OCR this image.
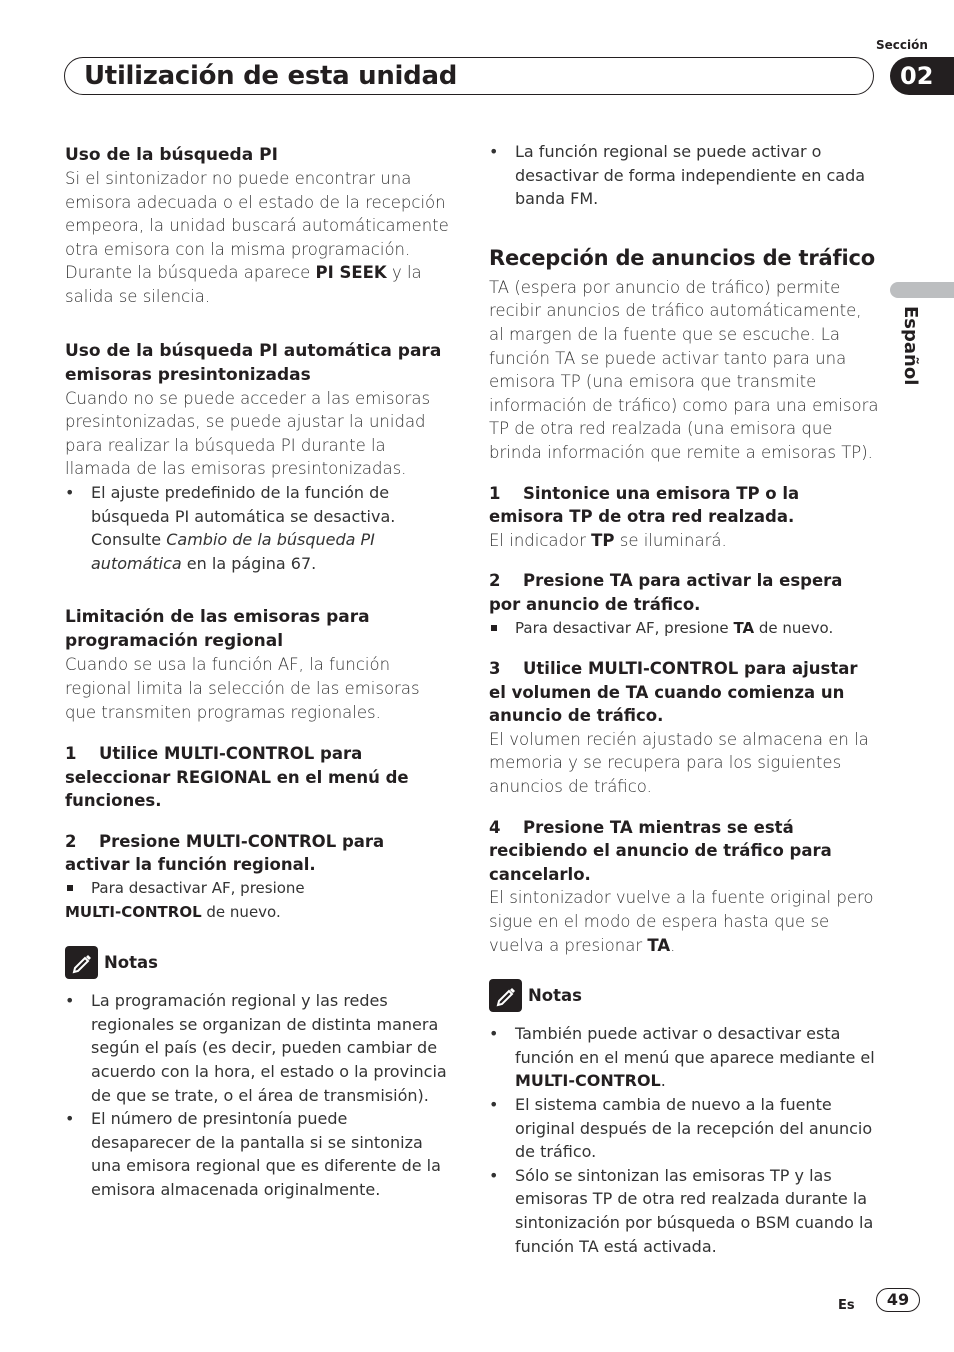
Utilización de esta unidad
Sección
02
Español
Uso de la búsqueda PI

Si el sintonizador no puede encontrar una emisora adecuada o el estado de la recepción empeora, la unidad buscará automáticamente otra emisora con la misma programación. Durante la búsqueda aparece PI SEEK y la salida se silencia.

Uso de la búsqueda PI automática para emisoras presintonizadas

Cuando no se puede acceder a las emisoras presintonizadas, se puede ajustar la unidad para realizar la búsqueda PI durante la llamada de las emisoras presintonizadas.

• El ajuste predefinido de la función de búsqueda PI automática se desactiva. Consulte Cambio de la búsqueda PI automática en la página 67.

Limitación de las emisoras para programación regional

Cuando se usa la función AF, la función regional limita la selección de las emisoras que transmiten programas regionales.

1 Utilice MULTI-CONTROL para seleccionar REGIONAL en el menú de funciones.

2 Presione MULTI-CONTROL para activar la función regional.

Para desactivar AF, presione
MULTI-CONTROL de nuevo.

Notas

• La programación regional y las redes regionales se organizan de distinta manera según el país (es decir, pueden cambiar de acuerdo con la hora, el estado o la provincia de que se trate, o el área de transmisión).

• El número de presintonía puede desaparecer de la pantalla si se sintoniza una emisora regional que es diferente de la emisora almacenada originalmente.

• La función regional se puede activar o desactivar de forma independiente en cada banda FM.

Recepción de anuncios de tráfico

TA (espera por anuncio de tráfico) permite recibir anuncios de tráfico automáticamente, al margen de la fuente que se escuche. La función TA se puede activar tanto para una emisora TP (una emisora que transmite información de tráfico) como para una emisora TP de otra red realzada (una emisora que brinda información que remite a emisoras TP).

1 Sintonice una emisora TP o la emisora TP de otra red realzada.

El indicador TP se iluminará.

2 Presione TA para activar la espera por anuncio de tráfico.

Para desactivar AF, presione TA de nuevo.

3 Utilice MULTI-CONTROL para ajustar el volumen de TA cuando comienza un anuncio de tráfico.

El volumen recién ajustado se almacena en la memoria y se recupera para los siguientes anuncios de tráfico.

4 Presione TA mientras se está recibiendo el anuncio de tráfico para cancelarlo.

El sintonizador vuelve a la fuente original pero sigue en el modo de espera hasta que se vuelva a presionar TA.

Notas

• También puede activar o desactivar esta función en el menú que aparece mediante el MULTI-CONTROL.

• El sistema cambia de nuevo a la fuente original después de la recepción del anuncio de tráfico.

• Sólo se sintonizan las emisoras TP y las emisoras TP de otra red realzada durante la sintonización por búsqueda o BSM cuando la función TA está activada.

Es	49
